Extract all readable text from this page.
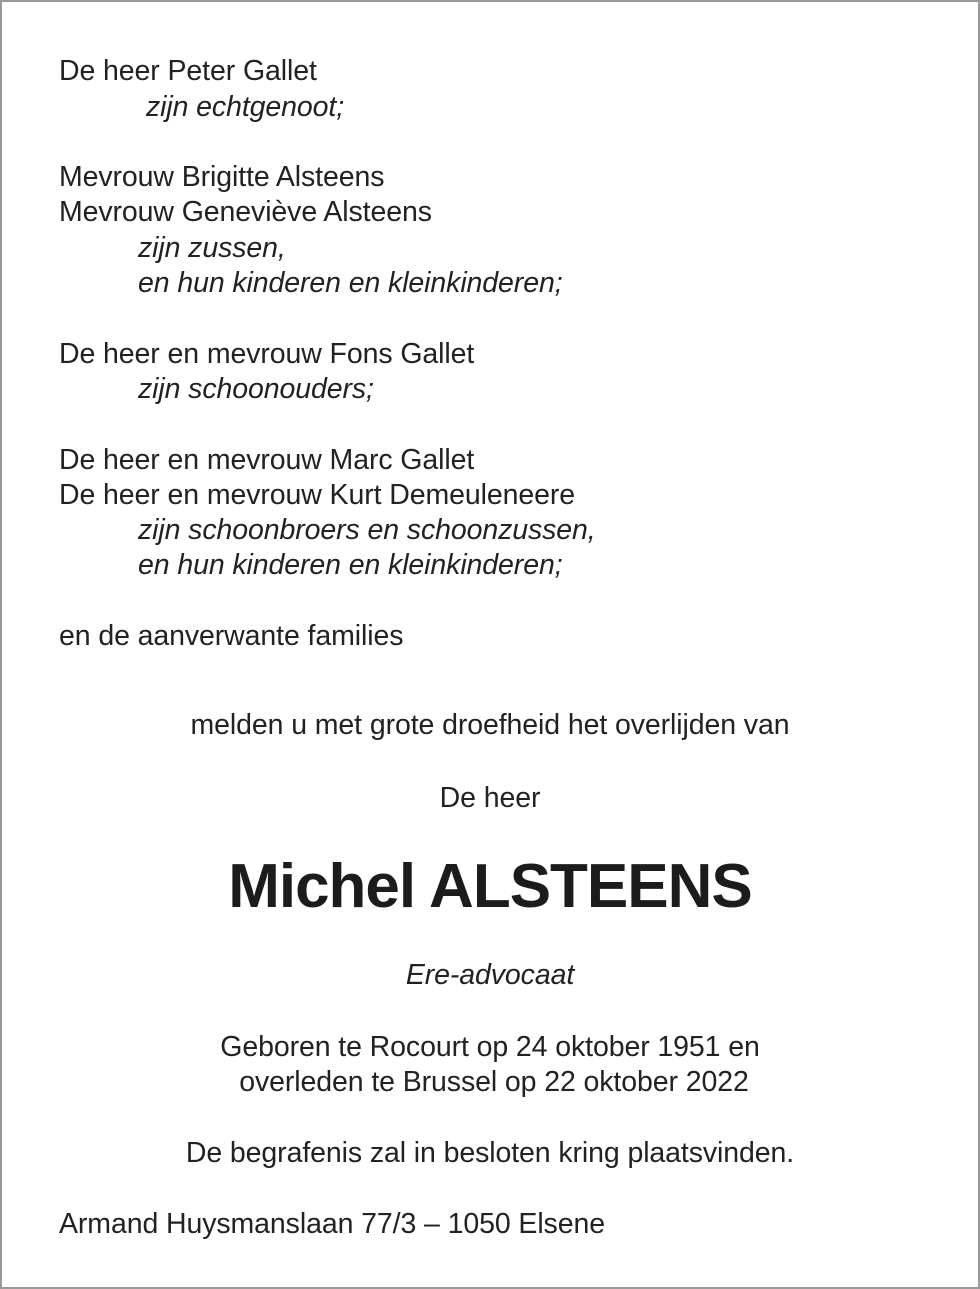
De heer Peter Gallet
zijn echtgenoot;
Mevrouw Brigitte Alsteens
Mevrouw Geneviève Alsteens
zijn zussen,
en hun kinderen en kleinkinderen;
De heer en mevrouw Fons Gallet
zijn schoonouders;
De heer en mevrouw Marc Gallet
De heer en mevrouw Kurt Demeuleneere
zijn schoonbroers en schoonzussen,
en hun kinderen en kleinkinderen;
en de aanverwante families
melden u met grote droefheid het overlijden van
De heer
Michel ALSTEENS
Ere-advocaat
Geboren te Rocourt op 24 oktober 1951 en
overleden te Brussel op 22 oktober 2022
De begrafenis zal in besloten kring plaatsvinden.
Armand Huysmanslaan 77/3 – 1050 Elsene
